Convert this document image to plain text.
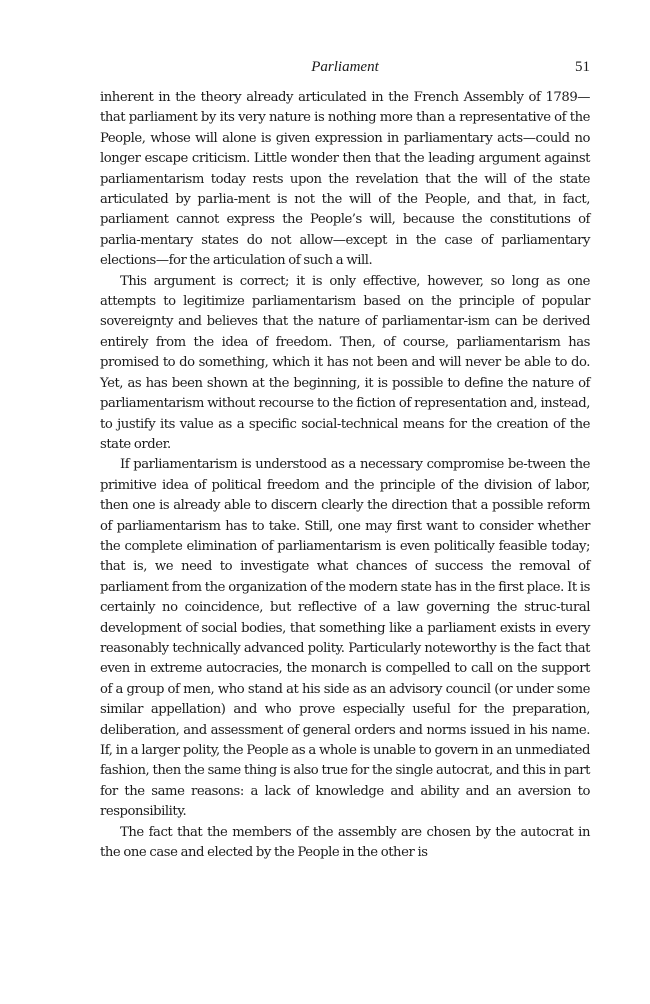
Parliament	51

inherent in the theory already articulated in the French Assembly of 1789—that parliament by its very nature is nothing more than a representative of the People, whose will alone is given expression in parliamentary acts—could no longer escape criticism. Little wonder then that the leading argument against parliamentarism today rests upon the revelation that the will of the state articulated by parlia-ment is not the will of the People, and that, in fact, parliament cannot express the People’s will, because the constitutions of parlia-mentary states do not allow—except in the case of parliamentary elections—for the articulation of such a will.

This argument is correct; it is only effective, however, so long as one attempts to legitimize parliamentarism based on the principle of popular sovereignty and believes that the nature of parliamentar-ism can be derived entirely from the idea of freedom. Then, of course, parliamentarism has promised to do something, which it has not been and will never be able to do. Yet, as has been shown at the beginning, it is possible to define the nature of parliamentarism without recourse to the fiction of representation and, instead, to justify its value as a specific social-technical means for the creation of the state order.

If parliamentarism is understood as a necessary compromise be-tween the primitive idea of political freedom and the principle of the division of labor, then one is already able to discern clearly the direction that a possible reform of parliamentarism has to take. Still, one may first want to consider whether the complete elimination of parliamentarism is even politically feasible today; that is, we need to investigate what chances of success the removal of parliament from the organization of the modern state has in the first place. It is certainly no coincidence, but reflective of a law governing the struc-tural development of social bodies, that something like a parliament exists in every reasonably technically advanced polity. Particularly noteworthy is the fact that even in extreme autocracies, the monarch is compelled to call on the support of a group of men, who stand at his side as an advisory council (or under some similar appellation) and who prove especially useful for the preparation, deliberation, and assessment of general orders and norms issued in his name. If, in a larger polity, the People as a whole is unable to govern in an unmediated fashion, then the same thing is also true for the single autocrat, and this in part for the same reasons: a lack of knowledge and ability and an aversion to responsibility.

The fact that the members of the assembly are chosen by the autocrat in the one case and elected by the People in the other is
